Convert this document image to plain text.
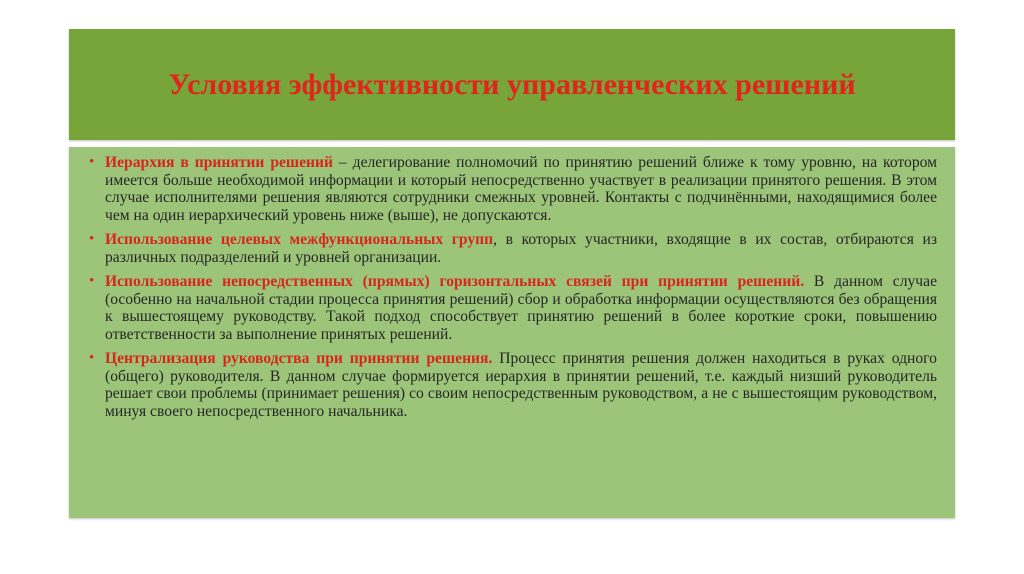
Условия эффективности управленческих решений
• Иерархия в принятии решений – делегирование полномочий по принятию решений ближе к тому уровню, на котором имеется больше необходимой информации и который непосредственно участвует в реализации принятого решения. В этом случае исполнителями решения являются сотрудники смежных уровней. Контакты с подчинёнными, находящимися более чем на один иерархический уровень ниже (выше), не допускаются.
• Использование целевых межфункциональных групп, в которых участники, входящие в их состав, отбираются из различных подразделений и уровней организации.
• Использование непосредственных (прямых) горизонтальных связей при принятии решений. В данном случае (особенно на начальной стадии процесса принятия решений) сбор и обработка информации осуществляются без обращения к вышестоящему руководству. Такой подход способствует принятию решений в более короткие сроки, повышению ответственности за выполнение принятых решений.
• Централизация руководства при принятии решения. Процесс принятия решения должен находиться в руках одного (общего) руководителя. В данном случае формируется иерархия в принятии решений, т.е. каждый низший руководитель решает свои проблемы (принимает решения) со своим непосредственным руководством, а не с вышестоящим руководством, минуя своего непосредственного начальника.
